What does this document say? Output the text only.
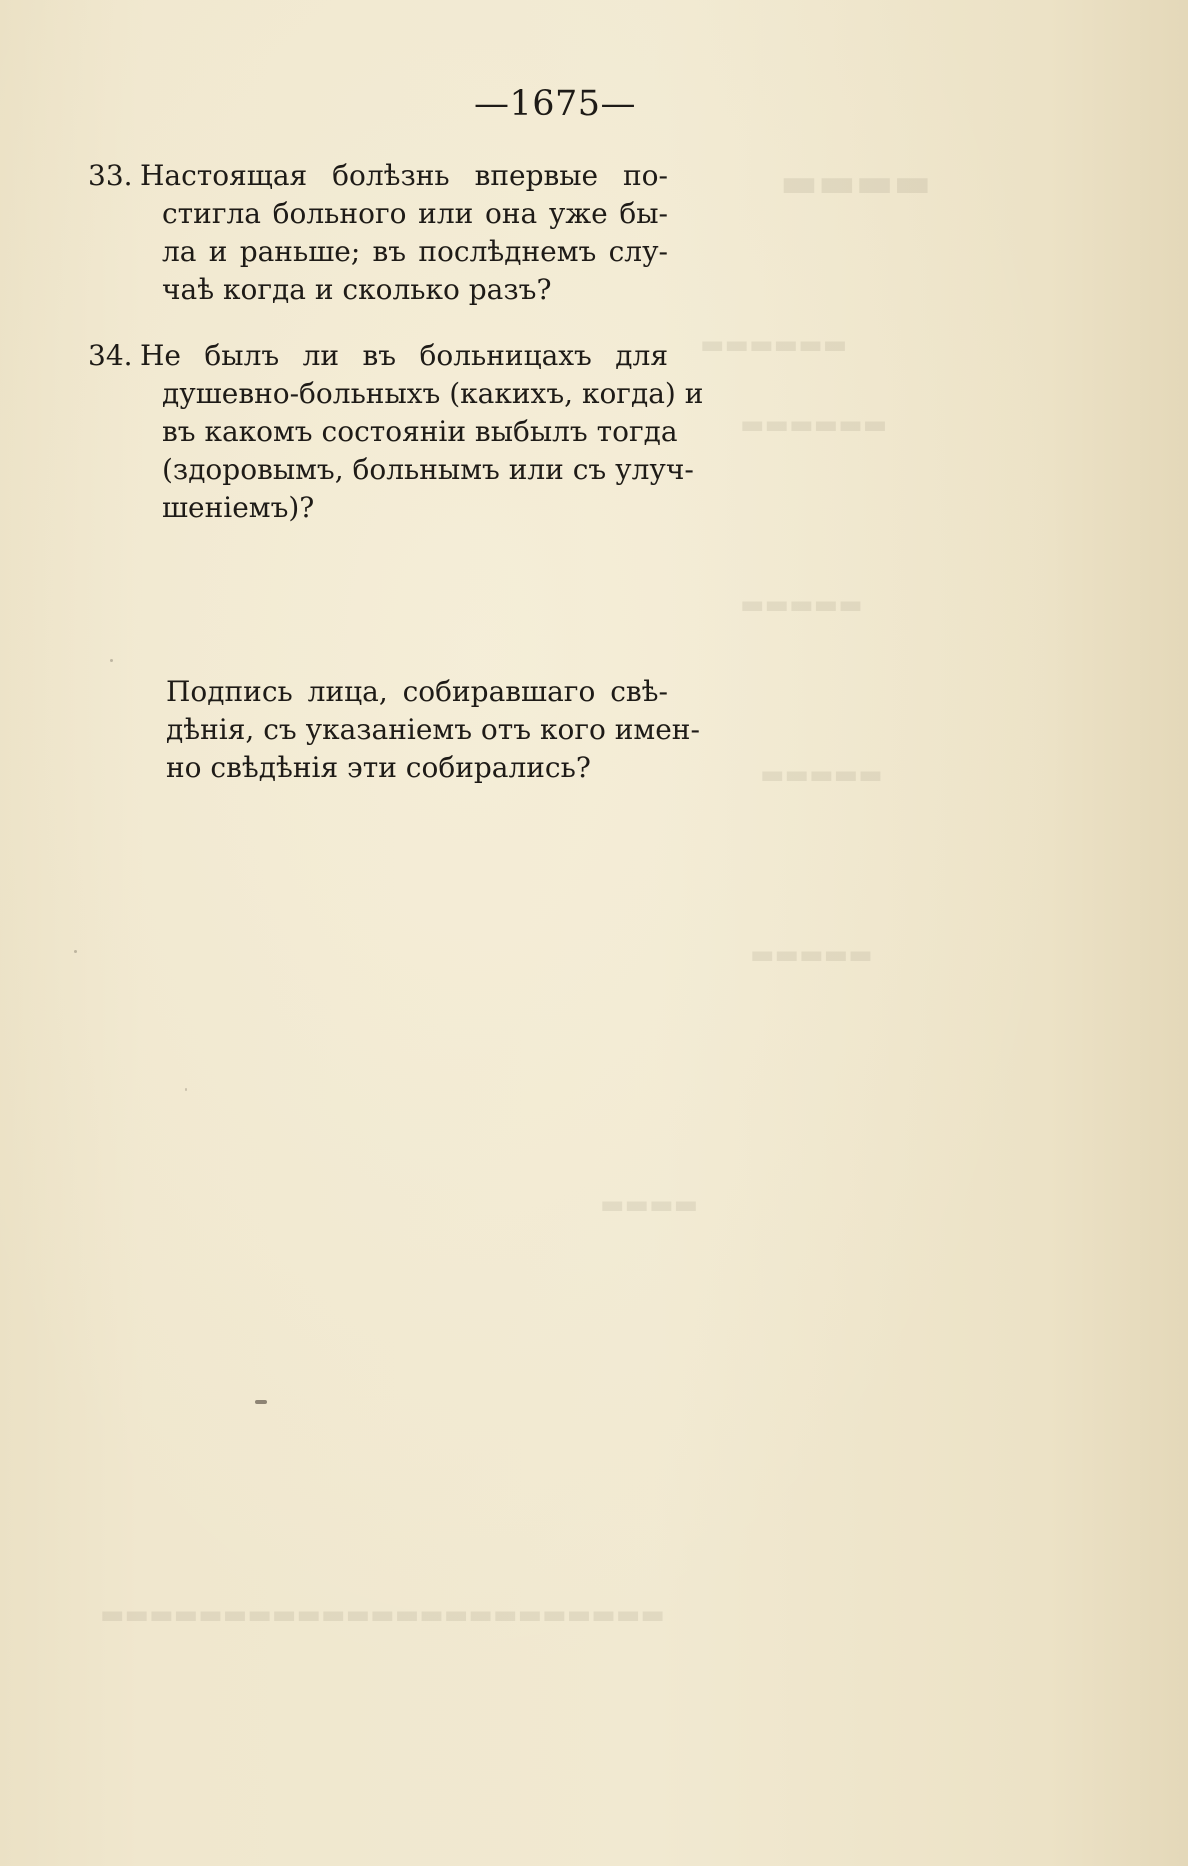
▬▬▬▬
▬▬▬▬▬▬
▬▬▬▬▬▬
▬▬▬▬▬
▬▬▬▬▬
▬▬▬▬▬
▬▬▬▬
▬▬▬▬▬▬▬▬▬▬▬▬▬▬▬▬▬▬▬▬▬▬▬
—1675—
33. Настоящая болѣзнь впервые по-
стигла больного или она уже бы-
ла и раньше; въ послѣднемъ слу-
чаѣ когда и сколько разъ?
34. Не былъ ли въ больницахъ для
душевно-больныхъ (какихъ, когда) и
въ какомъ состоянiи выбылъ тогда
(здоровымъ, больнымъ или съ улуч-
шенiемъ)?
Подпись лица, собиравшаго свѣ-
дѣнiя, съ указанiемъ отъ кого имен-
но свѣдѣнiя эти собирались?
